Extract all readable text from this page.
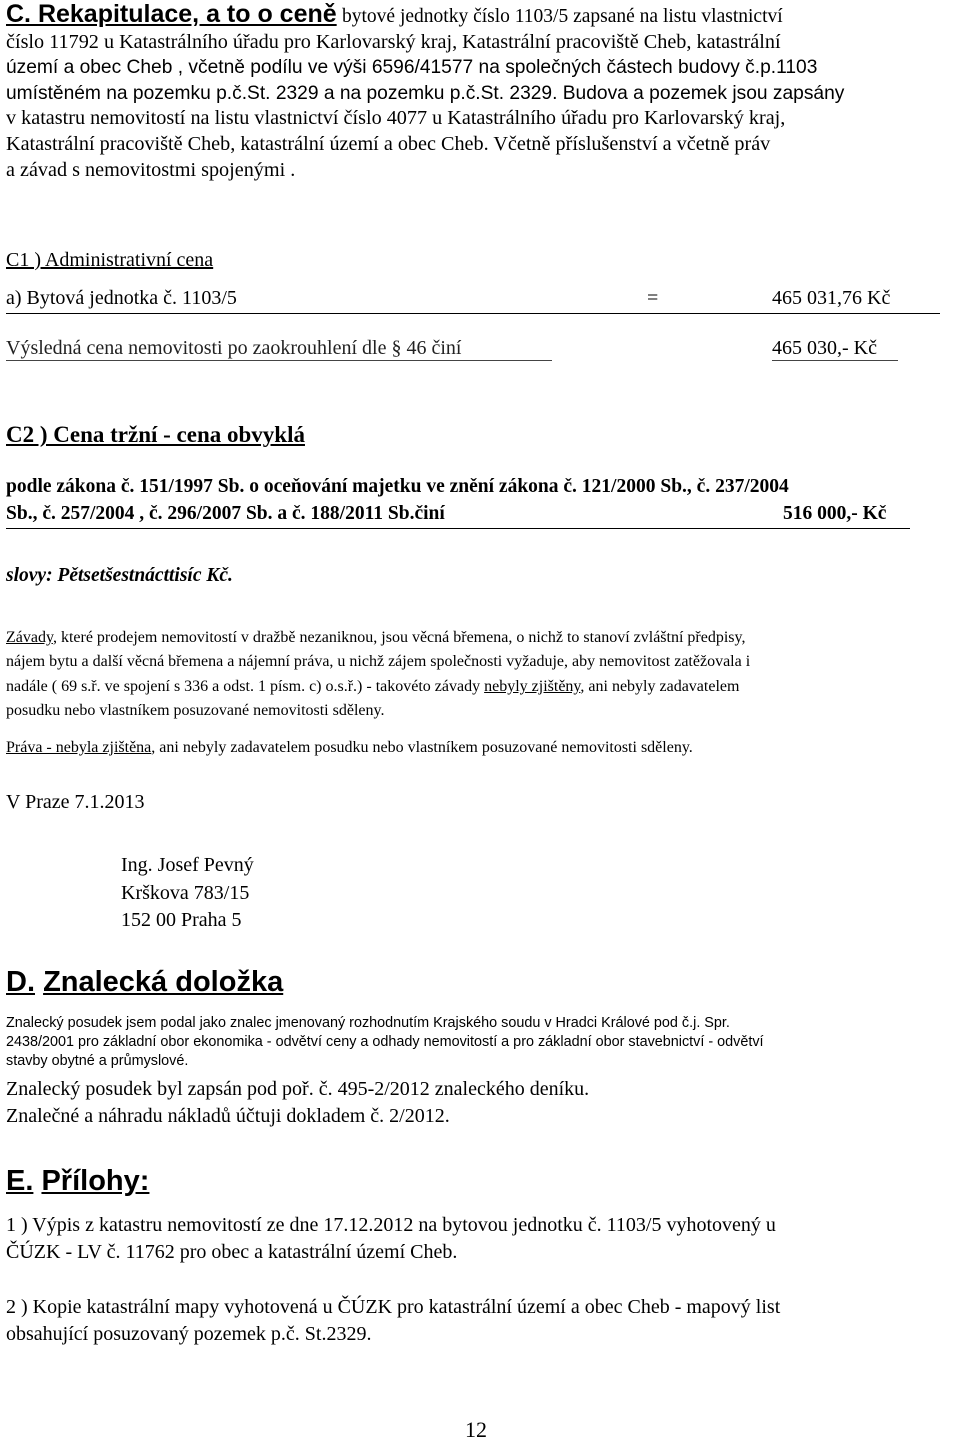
C. Rekapitulace, a to o ceně bytové jednotky číslo 1103/5 zapsané na listu vlastnictví
číslo 11792 u Katastrálního úřadu pro Karlovarský kraj, Katastrální pracoviště Cheb, katastrální
území a obec Cheb , včetně podílu ve výši 6596/41577 na společných částech budovy č.p.1103
umístěném na pozemku p.č.St. 2329 a na pozemku p.č.St. 2329. Budova a pozemek jsou zapsány
v katastru nemovitostí na listu vlastnictví číslo 4077 u Katastrálního úřadu pro Karlovarský kraj,
Katastrální pracoviště Cheb, katastrální území a obec Cheb. Včetně příslušenství a včetně práv
a závad s nemovitostmi spojenými .
C1 ) Administrativní cena
a) Bytová jednotka č. 1103/5	=	465 031,76 Kč
Výsledná cena nemovitosti po zaokrouhlení dle § 46 činí	465 030,- Kč
C2 ) Cena tržní - cena obvyklá
podle zákona č. 151/1997 Sb. o oceňování majetku ve znění zákona č. 121/2000 Sb., č. 237/2004
Sb., č. 257/2004 , č. 296/2007 Sb. a č. 188/2011 Sb.činí	516 000,- Kč
slovy: Pětsetšestnácttisíc Kč.
Závady, které prodejem nemovitostí v dražbě nezaniknou, jsou věcná břemena, o nichž to stanoví zvláštní předpisy,
nájem bytu a další věcná břemena a nájemní práva, u nichž zájem společnosti vyžaduje, aby nemovitost zatěžovala i
nadále ( 69 s.ř. ve spojení s 336 a odst. 1 písm. c) o.s.ř.) - takovéto závady nebyly zjištěny, ani nebyly zadavatelem
posudku nebo vlastníkem posuzované nemovitosti sděleny.
Práva - nebyla zjištěna, ani nebyly zadavatelem posudku nebo vlastníkem posuzované nemovitosti sděleny.
V Praze 7.1.2013
Ing. Josef Pevný
Krškova 783/15
152 00 Praha 5
D. Znalecká doložka
Znalecký posudek jsem podal jako znalec jmenovaný rozhodnutím Krajského soudu v Hradci Králové pod č.j. Spr.
2438/2001 pro základní obor ekonomika - odvětví ceny a odhady nemovitostí a pro základní obor stavebnictví - odvětví
stavby obytné a průmyslové.
Znalecký posudek byl zapsán pod poř. č. 495-2/2012 znaleckého deníku.
Znalečné a náhradu nákladů účtuji dokladem č. 2/2012.
E. Přílohy:
1 ) Výpis z katastru nemovitostí ze dne 17.12.2012 na bytovou jednotku č. 1103/5 vyhotovený u
ČÚZK - LV č. 11762 pro obec a katastrální území Cheb.
2 ) Kopie katastrální mapy vyhotovená u ČÚZK pro katastrální území a obec Cheb - mapový list
obsahující posuzovaný pozemek p.č. St.2329.
12
